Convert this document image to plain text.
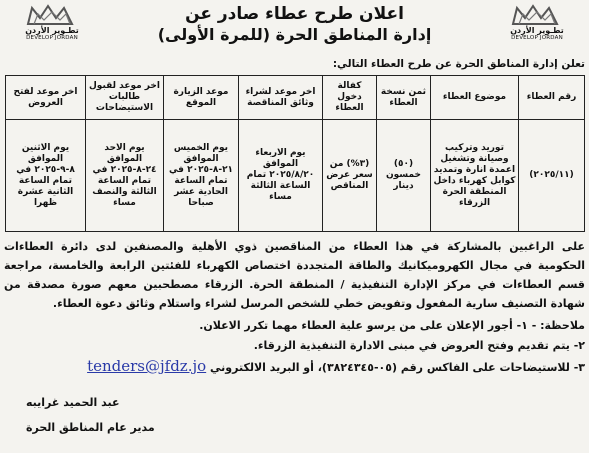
تطـوير الأردن
DEVELOP JORDAN
تطـوير الأردن
DEVELOP JORDAN
اعلان طرح عطاء صادر عن
إدارة المناطق الحرة (للمرة الأولى)
تعلن إدارة المناطق الحرة عن طرح العطاء التالي:
رقم العطاء	موضوع العطاء	ثمن نسخة العطاء	كفالة دخول العطاء	اخر موعد لشراء وثائق المناقصة	موعد الزيارة الموقع	اخر موعد لقبول طالبات الاستيضاحات	اخر موعد لفتح العروض
(٢٠٢٥/١١)	توريد وتركيب وصيانة وتشغيل اعمدة انارة وتمديد كوابل كهرباء داخل المنطقة الحرة الزرقاء	(٥٠) خمسون دينار	(٣%) من سعر عرض المناقص	يوم الاربعاء الموافق ٢٠٢٥/٨/٢٠ تمام الساعة الثالثة مساء	يوم الخميس الموافق ٢١-٨-٢٠٢٥ في تمام الساعة الحادية عشر صباحا	يوم الاحد الموافق ٢٤-٨-٢٠٢٥ في تمام الساعة الثالثة والنصف مساء	يوم الاثنين الموافق ٨-٩-٢٠٢٥ في تمام الساعة الثانية عشرة ظهرا
على الراغبين بالمشاركة في هذا العطاء من المناقصين ذوي الأهلية والمصنفين لدى دائرة العطاءات الحكومية في مجال الكهروميكانيك والطاقة المتجددة اختصاص الكهرباء للفئتين الرابعة والخامسة، مراجعة قسم العطاءات في مركز الإدارة التنفيذية / المنطقة الحرة. الزرقاء مصطحبين معهم صورة مصدقة من شهادة التصنيف سارية المفعول وتفويض خطي للشخص المرسل لشراء واستلام وثائق دعوة العطاء.
ملاحظة: - ١- أجور الإعلان على من يرسو علية العطاء مهما تكرر الاعلان.
٢- يتم تقديم وفتح العروض في مبنى الادارة التنفيذية الزرقاء.
٣- للاستيضاحات على الفاكس رقم (٠٥-٣٨٢٤٣٤٥)، أو البريد الالكتروني tenders@jfdz.jo
عبد الحميد غرايبه
مدير عام المناطق الحرة
